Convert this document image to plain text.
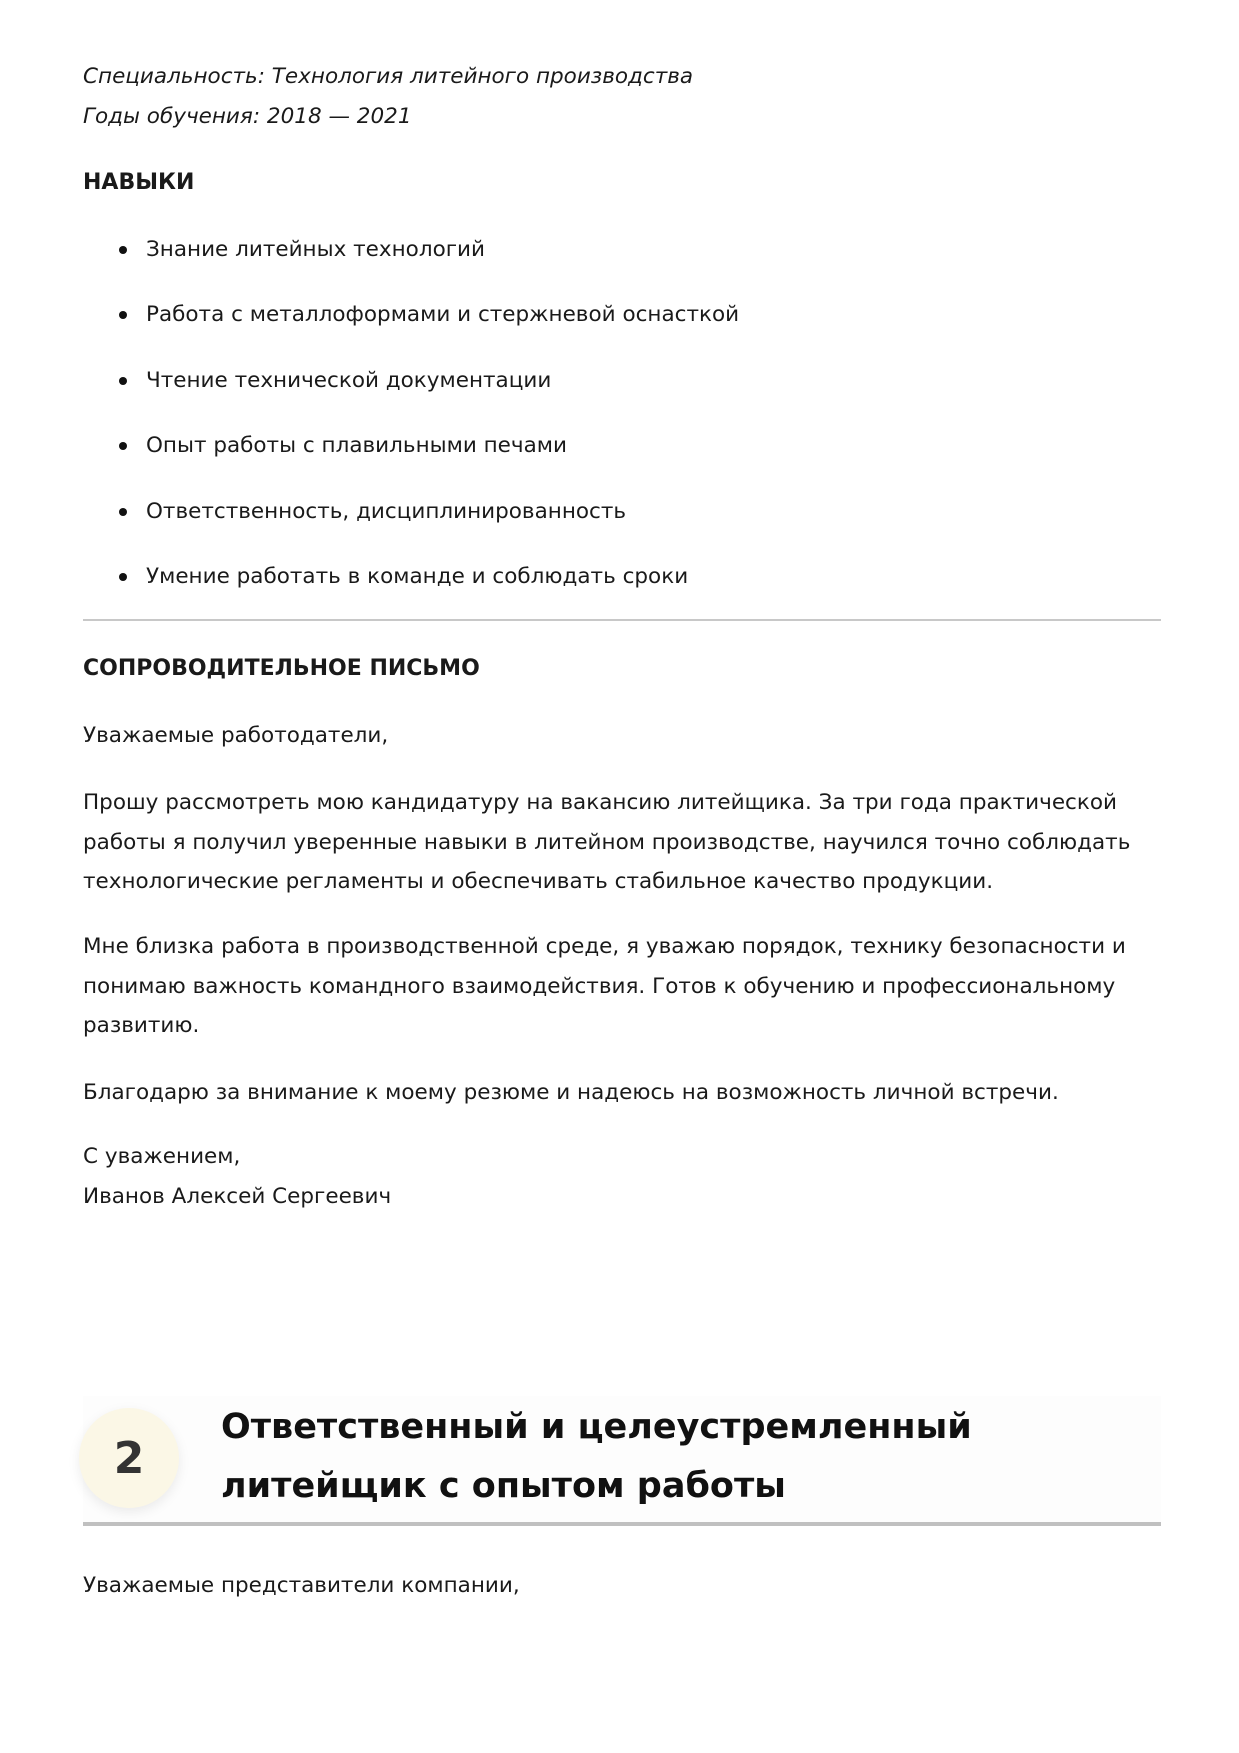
Специальность: Технология литейного производства
Годы обучения: 2018 — 2021
НАВЫКИ
Знание литейных технологий
Работа с металлоформами и стержневой оснасткой
Чтение технической документации
Опыт работы с плавильными печами
Ответственность, дисциплинированность
Умение работать в команде и соблюдать сроки
СОПРОВОДИТЕЛЬНОЕ ПИСЬМО
Уважаемые работодатели,
Прошу рассмотреть мою кандидатуру на вакансию литейщика. За три года практической работы я получил уверенные навыки в литейном производстве, научился точно соблюдать технологические регламенты и обеспечивать стабильное качество продукции.
Мне близка работа в производственной среде, я уважаю порядок, технику безопасности и понимаю важность командного взаимодействия. Готов к обучению и профессиональному развитию.
Благодарю за внимание к моему резюме и надеюсь на возможность личной встречи.
С уважением,
Иванов Алексей Сергеевич
2
Ответственный и целеустремленный литейщик с опытом работы
Уважаемые представители компании,
